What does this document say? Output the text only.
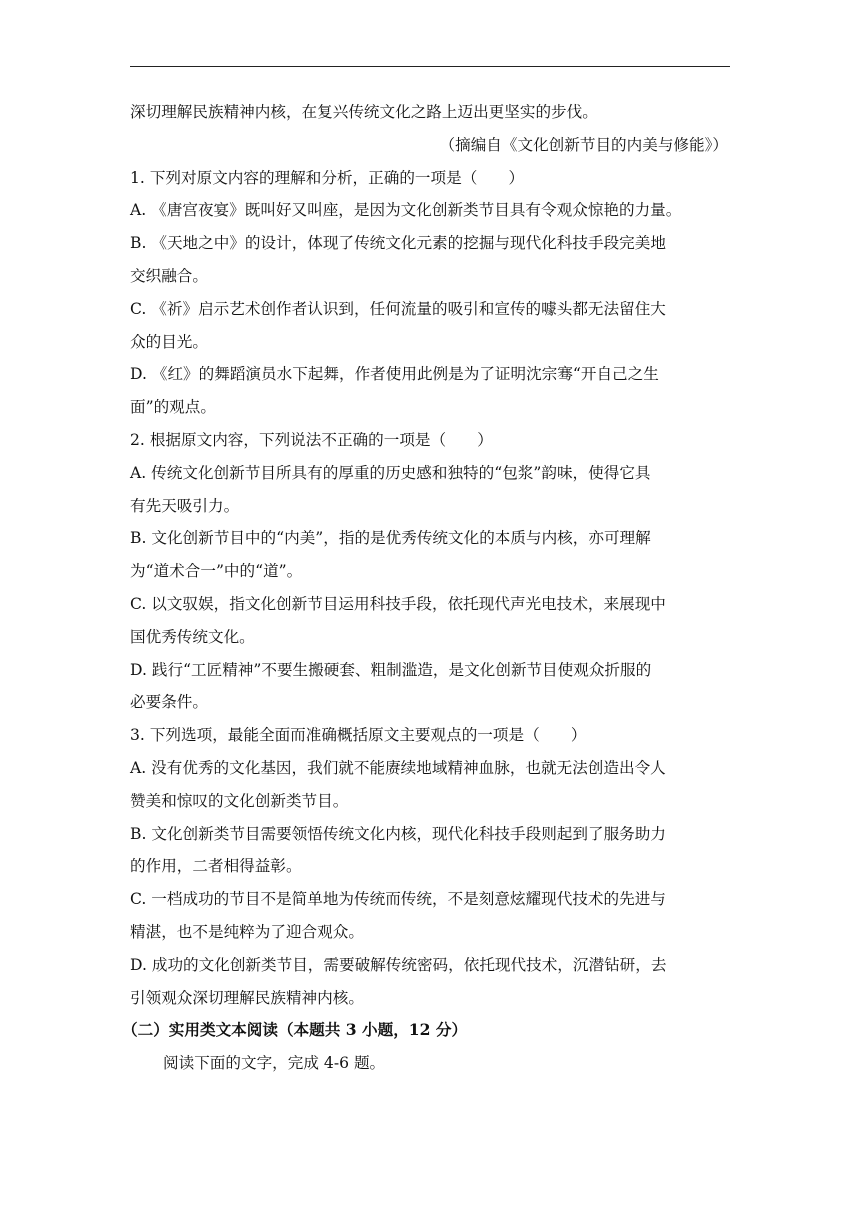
深切理解民族精神内核，在复兴传统文化之路上迈出更坚实的步伐。

（摘编自《文化创新节目的内美与修能》）

1. 下列对原文内容的理解和分析，正确的一项是（　　）

A. 《唐宫夜宴》既叫好又叫座，是因为文化创新类节目具有令观众惊艳的力量。

B. 《天地之中》的设计，体现了传统文化元素的挖掘与现代化科技手段完美地

交织融合。

C. 《祈》启示艺术创作者认识到，任何流量的吸引和宣传的噱头都无法留住大

众的目光。

D. 《红》的舞蹈演员水下起舞，作者使用此例是为了证明沈宗骞“开自己之生

面”的观点。

2. 根据原文内容，下列说法不正确的一项是（　　）

A. 传统文化创新节目所具有的厚重的历史感和独特的“包浆”韵味，使得它具

有先天吸引力。

B. 文化创新节目中的“内美”，指的是优秀传统文化的本质与内核，亦可理解

为“道术合一”中的“道”。

C. 以文驭娱，指文化创新节目运用科技手段，依托现代声光电技术，来展现中

国优秀传统文化。

D. 践行“工匠精神”不要生搬硬套、粗制滥造，是文化创新节目使观众折服的

必要条件。

3. 下列选项，最能全面而准确概括原文主要观点的一项是（　　）

A. 没有优秀的文化基因，我们就不能赓续地域精神血脉，也就无法创造出令人

赞美和惊叹的文化创新类节目。

B. 文化创新类节目需要领悟传统文化内核，现代化科技手段则起到了服务助力

的作用，二者相得益彰。

C. 一档成功的节目不是简单地为传统而传统，不是刻意炫耀现代技术的先进与

精湛，也不是纯粹为了迎合观众。

D. 成功的文化创新类节目，需要破解传统密码，依托现代技术，沉潜钻研，去

引领观众深切理解民族精神内核。

（二）实用类文本阅读（本题共 3 小题，12 分）

阅读下面的文字，完成 4-6 题。
